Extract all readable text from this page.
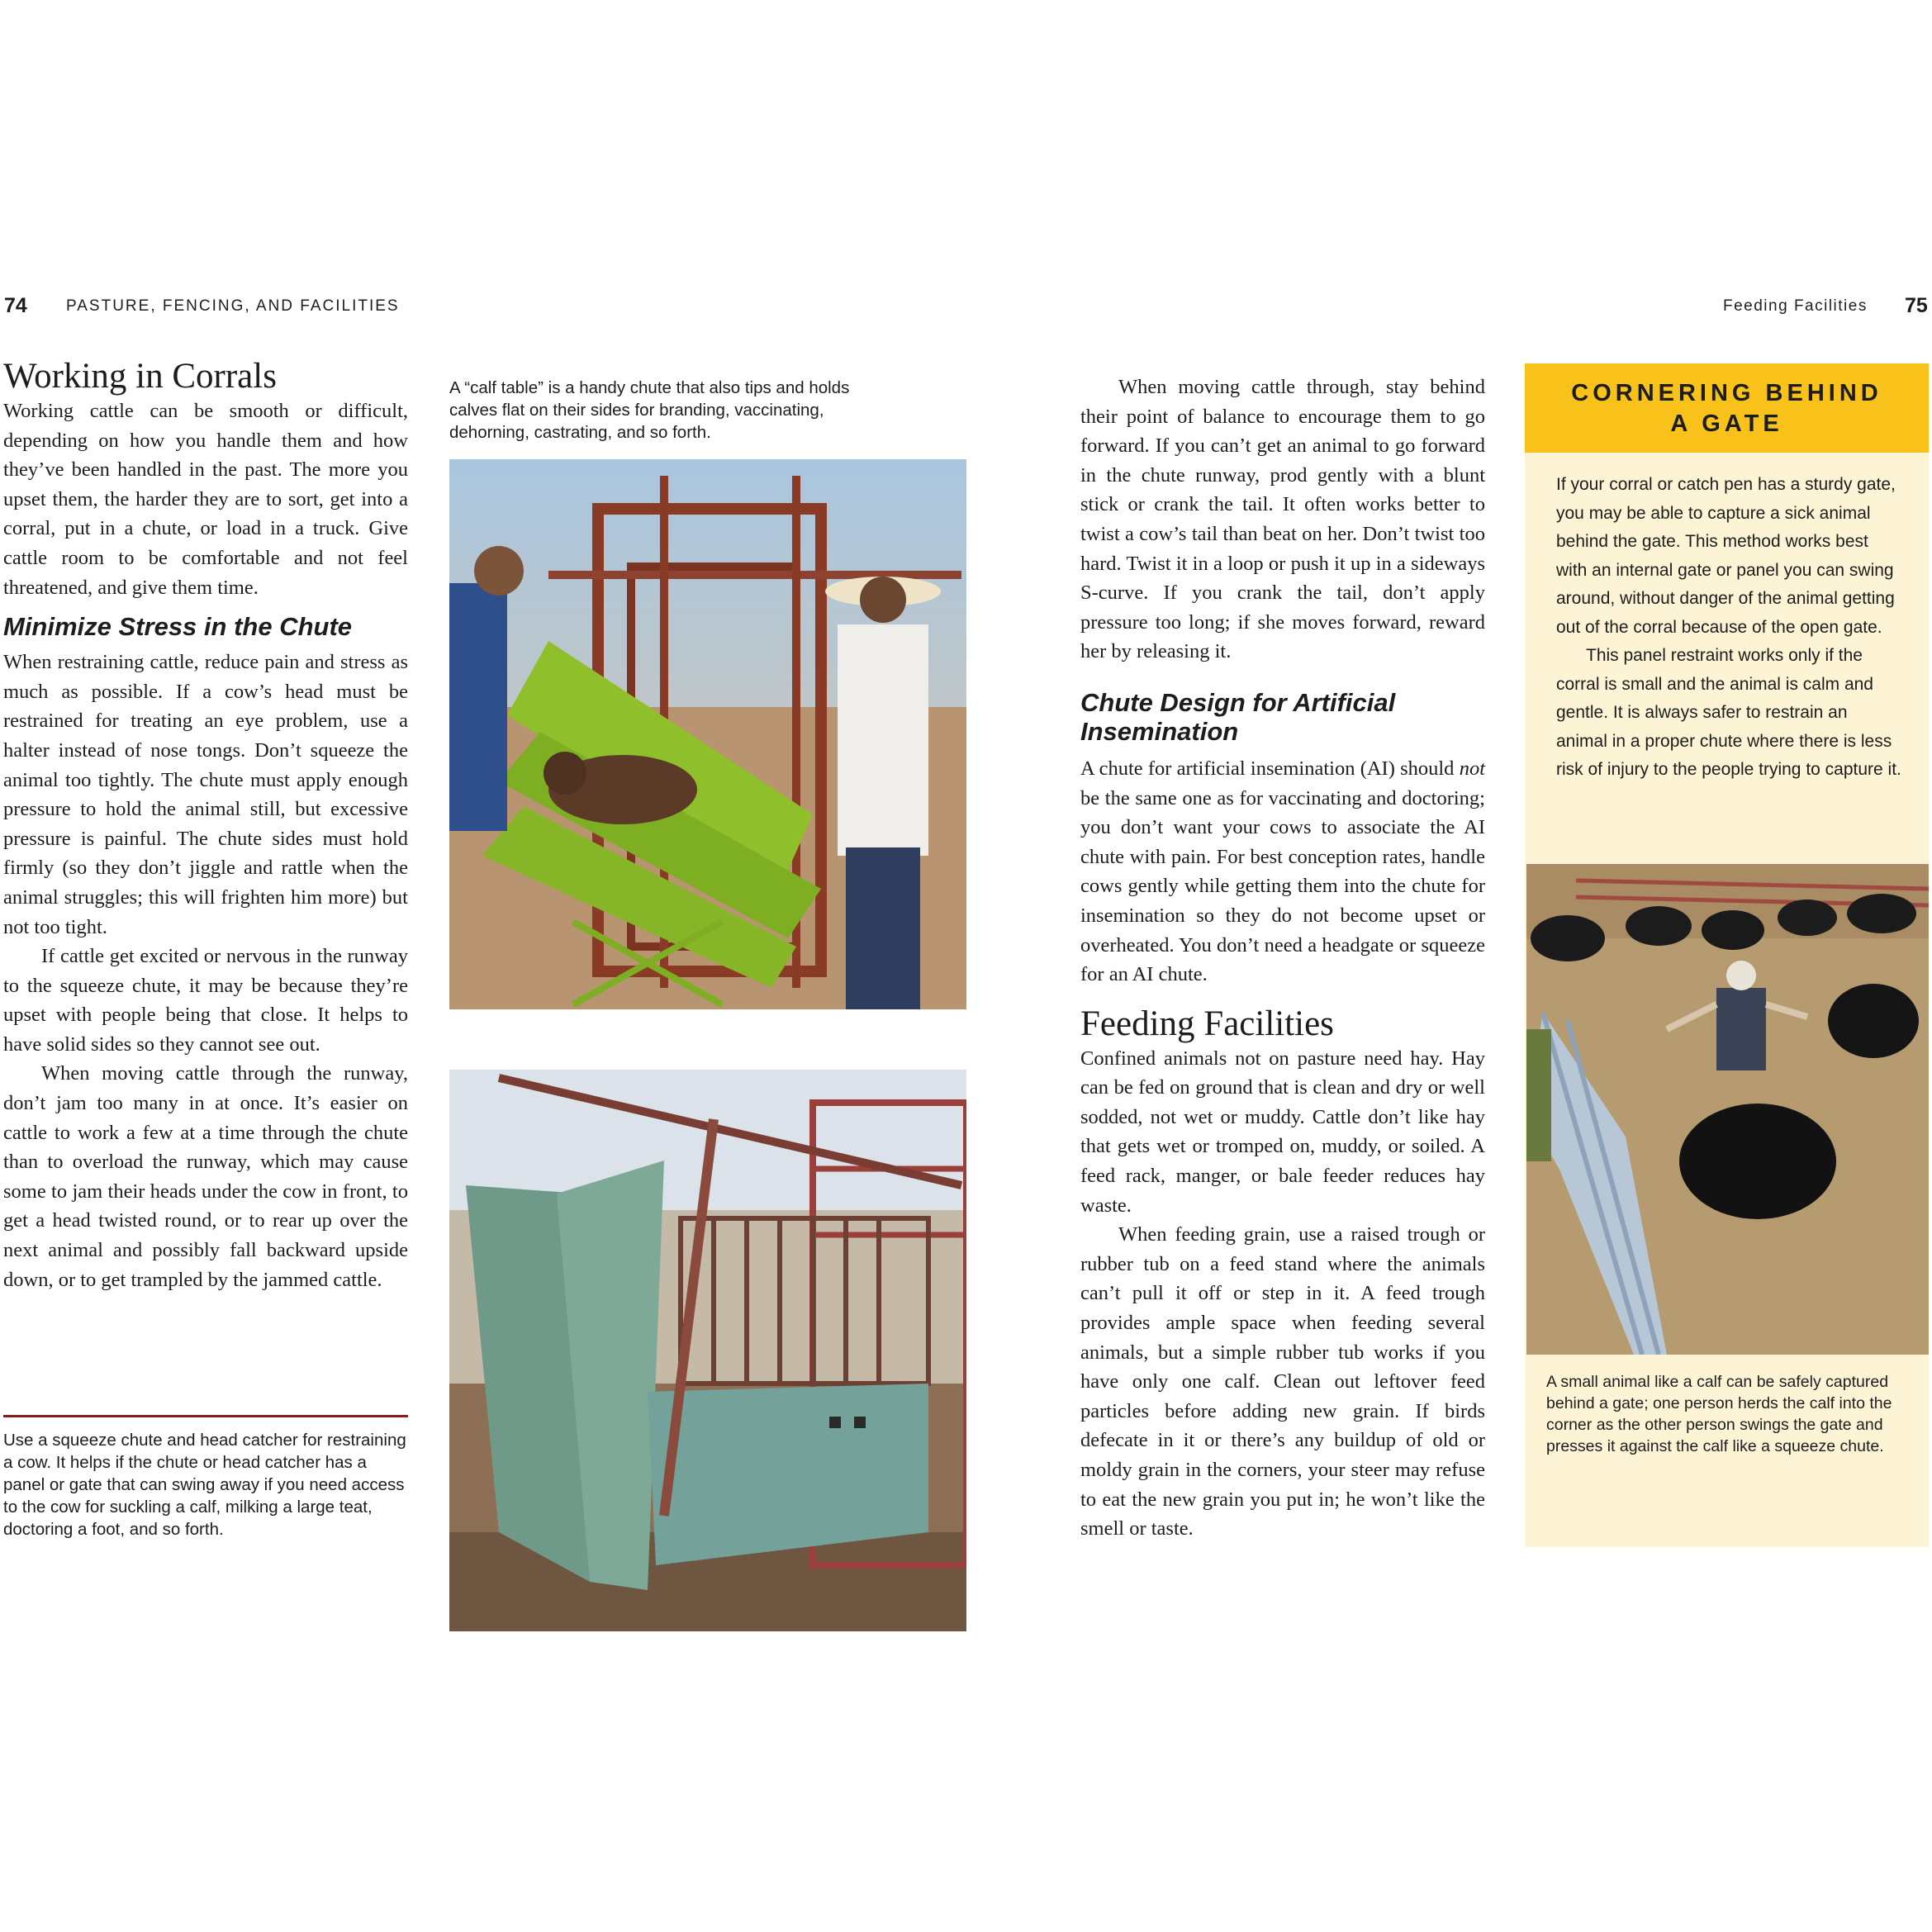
74 PASTURE, FENCING, AND FACILITIES	Feeding Facilities 75
Working in Corrals

Working cattle can be smooth or difficult, depending on how you handle them and how they’ve been handled in the past. The more you upset them, the harder they are to sort, get into a corral, put in a chute, or load in a truck. Give cattle room to be comfortable and not feel threatened, and give them time.

Minimize Stress in the Chute

When restraining cattle, reduce pain and stress as much as possible. If a cow’s head must be restrained for treating an eye problem, use a halter instead of nose tongs. Don’t squeeze the animal too tightly. The chute must apply enough pressure to hold the animal still, but excessive pressure is painful. The chute sides must hold firmly (so they don’t jiggle and rattle when the animal struggles; this will frighten him more) but not too tight.

If cattle get excited or nervous in the runway to the squeeze chute, it may be because they’re upset with people being that close. It helps to have solid sides so they cannot see out.

When moving cattle through the runway, don’t jam too many in at once. It’s easier on cattle to work a few at a time through the chute than to overload the runway, which may cause some to jam their heads under the cow in front, to get a head twisted round, or to rear up over the next animal and possibly fall backward upside down, or to get trampled by the jammed cattle.

Use a squeeze chute and head catcher for restraining a cow. It helps if the chute or head catcher has a panel or gate that can swing away if you need access to the cow for suckling a calf, milking a large teat, doctoring a foot, and so forth.

A “calf table” is a handy chute that also tips and holds calves flat on their sides for branding, vaccinating, dehorning, castrating, and so forth.

When moving cattle through, stay behind their point of balance to encourage them to go forward. If you can’t get an animal to go forward in the chute runway, prod gently with a blunt stick or crank the tail. It often works better to twist a cow’s tail than beat on her. Don’t twist too hard. Twist it in a loop or push it up in a sideways S-curve. If you crank the tail, don’t apply pressure too long; if she moves forward, reward her by releasing it.

Chute Design for Artificial Insemination

A chute for artificial insemination (AI) should not be the same one as for vaccinating and doctoring; you don’t want your cows to associate the AI chute with pain. For best conception rates, handle cows gently while getting them into the chute for insemination so they do not become upset or overheated. You don’t need a headgate or squeeze for an AI chute.

Feeding Facilities

Confined animals not on pasture need hay. Hay can be fed on ground that is clean and dry or well sodded, not wet or muddy. Cattle don’t like hay that gets wet or tromped on, muddy, or soiled. A feed rack, manger, or bale feeder reduces hay waste.

When feeding grain, use a raised trough or rubber tub on a feed stand where the animals can’t pull it off or step in it. A feed trough provides ample space when feeding several animals, but a simple rubber tub works if you have only one calf. Clean out leftover feed particles before adding new grain. If birds defecate in it or there’s any buildup of old or moldy grain in the corners, your steer may refuse to eat the new grain you put in; he won’t like the smell or taste.

CORNERING BEHIND
A GATE

If your corral or catch pen has a sturdy gate, you may be able to capture a sick animal behind the gate. This method works best with an internal gate or panel you can swing around, without danger of the animal getting out of the corral because of the open gate.

This panel restraint works only if the corral is small and the animal is calm and gentle. It is always safer to restrain an animal in a proper chute where there is less risk of injury to the people trying to capture it.

A small animal like a calf can be safely captured behind a gate; one person herds the calf into the corner as the other person swings the gate and presses it against the calf like a squeeze chute.
